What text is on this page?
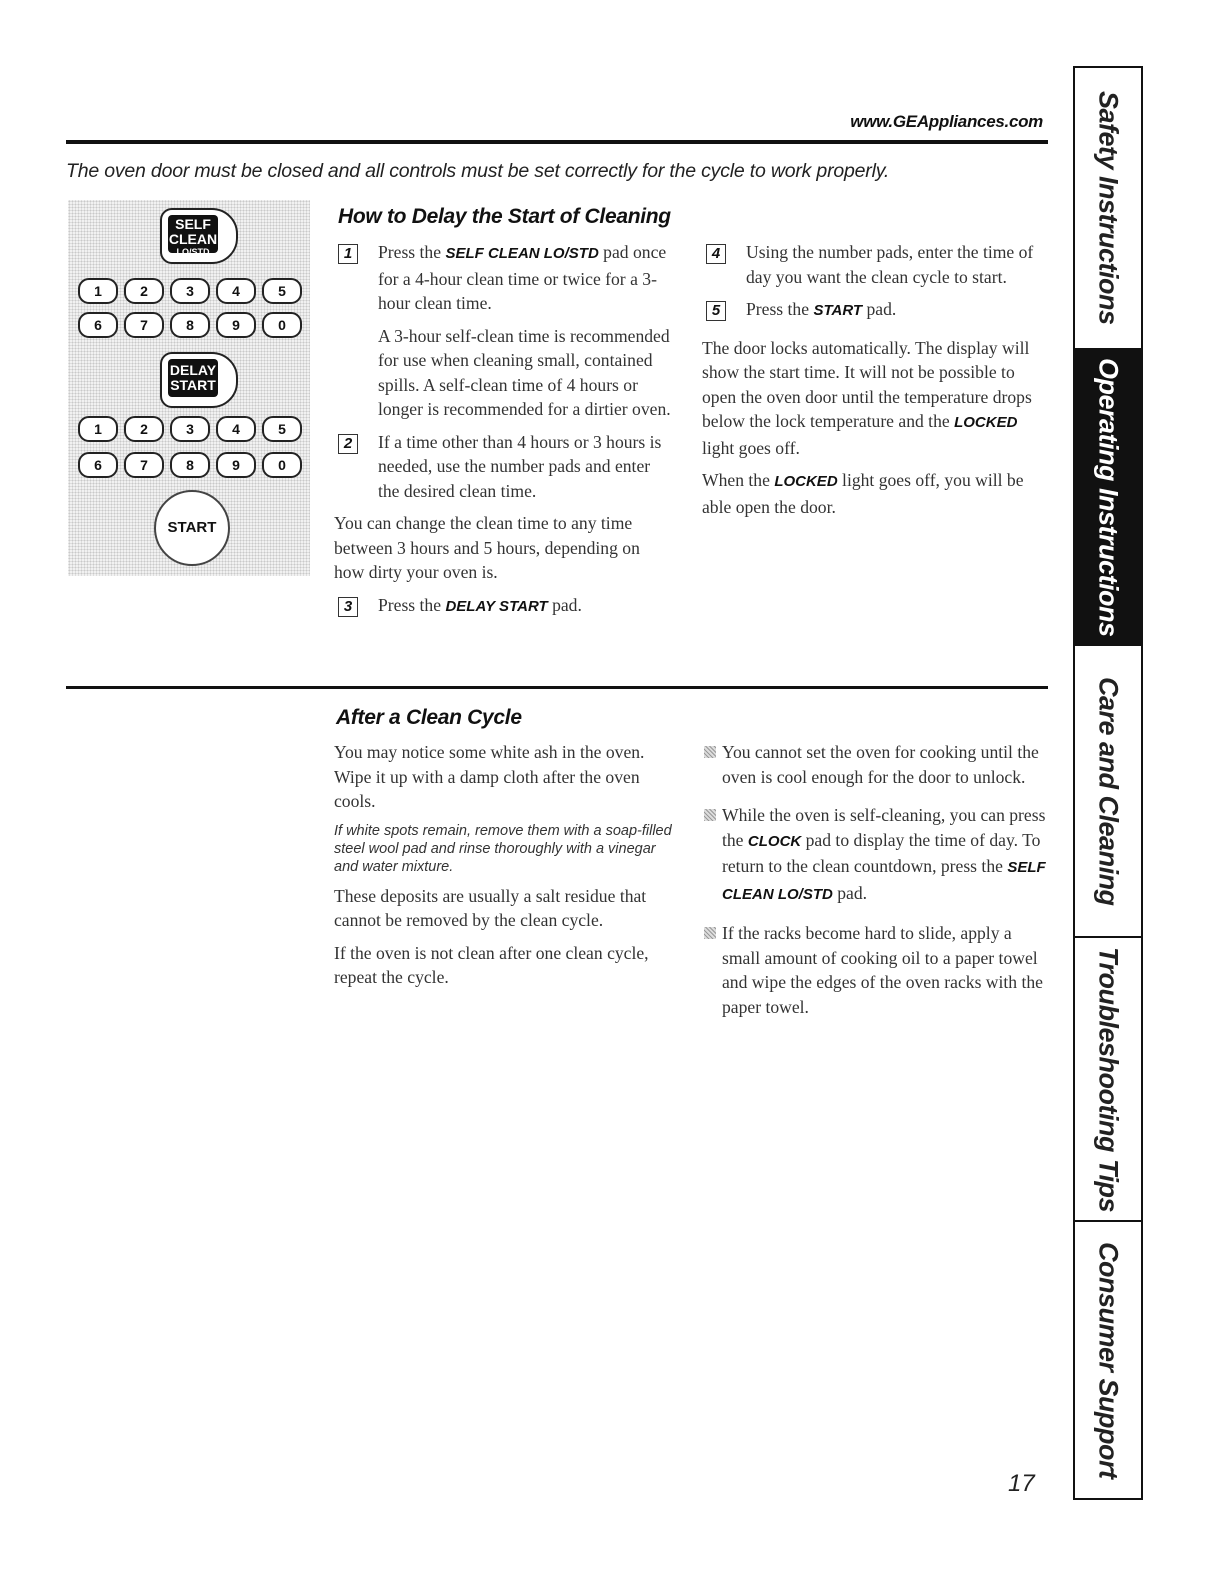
www.GEAppliances.com
The oven door must be closed and all controls must be set correctly for the cycle to work properly.
SELF
CLEAN
LO/STD
1	2	3	4	5
6	7	8	9	0
DELAY
START
1	2	3	4	5
6	7	8	9	0
START
How to Delay the Start of Cleaning
1	Press the SELF CLEAN LO/STD pad once for a 4-hour clean time or twice for a 3-hour clean time.

A 3-hour self-clean time is recommended for use when cleaning small, contained spills. A self-clean time of 4 hours or longer is recommended for a dirtier oven.

2	If a time other than 4 hours or 3 hours is needed, use the number pads and enter the desired clean time.

You can change the clean time to any time between 3 hours and 5 hours, depending on how dirty your oven is.

3	Press the DELAY START pad.

4	Using the number pads, enter the time of day you want the clean cycle to start.

5	Press the START pad.

The door locks automatically. The display will show the start time. It will not be possible to open the oven door until the temperature drops below the lock temperature and the LOCKED light goes off.

When the LOCKED light goes off, you will be able open the door.

After a Clean Cycle

You may notice some white ash in the oven. Wipe it up with a damp cloth after the oven cools.

If white spots remain, remove them with a soap-filled steel wool pad and rinse thoroughly with a vinegar and water mixture.

These deposits are usually a salt residue that cannot be removed by the clean cycle.

If the oven is not clean after one clean cycle, repeat the cycle.

You cannot set the oven for cooking until the oven is cool enough for the door to unlock.
While the oven is self-cleaning, you can press the CLOCK pad to display the time of day. To return to the clean countdown, press the SELF CLEAN LO/STD pad.
If the racks become hard to slide, apply a small amount of cooking oil to a paper towel and wipe the edges of the oven racks with the paper towel.
Safety Instructions
Operating Instructions
Care and Cleaning
Troubleshooting Tips
Consumer Support
17
